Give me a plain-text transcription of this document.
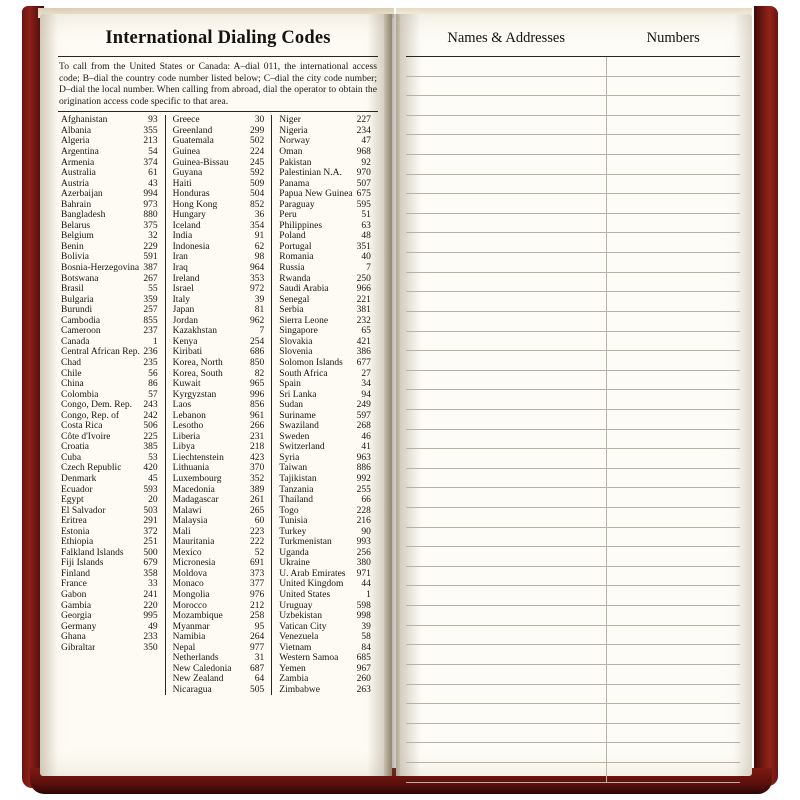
International Dialing Codes
To call from the United States or Canada: A–dial 011, the international access code; B–dial the country code number listed below; C–dial the city code number; D–dial the local number. When calling from abroad, dial the operator to obtain the origination access code specific to that area.
Afghanistan	93
Albania	355
Algeria	213
Argentina	54
Armenia	374
Australia	61
Austria	43
Azerbaijan	994
Bahrain	973
Bangladesh	880
Belarus	375
Belgium	32
Benin	229
Bolivia	591
Bosnia-Herzegovina 387
Botswana	267
Brasil	55
Bulgaria	359
Burundi	257
Cambodia	855
Cameroon	237
Canada	1
Central African Rep. 236
Chad	235
Chile	56
China	86
Colombia	57
Congo, Dem. Rep.	243
Congo, Rep. of	242
Costa Rica	506
Côte d'Ivoire	225
Croatia	385
Cuba	53
Czech Republic	420
Denmark	45
Ecuador	593
Egypt	20
El Salvador	503
Eritrea	291
Estonia	372
Ethiopia	251
Falkland Islands	500
Fiji Islands	679
Finland	358
France	33
Gabon	241
Gambia	220
Georgia	995
Germany	49
Ghana	233
Gibraltar	350
Greece	30
Greenland	299
Guatemala	502
Guinea	224
Guinea-Bissau	245
Guyana	592
Haiti	509
Honduras	504
Hong Kong	852
Hungary	36
Iceland	354
India	91
Indonesia	62
Iran	98
Iraq	964
Ireland	353
Israel	972
Italy	39
Japan	81
Jordan	962
Kazakhstan	7
Kenya	254
Kiribati	686
Korea, North	850
Korea, South	82
Kuwait	965
Kyrgyzstan	996
Laos	856
Lebanon	961
Lesotho	266
Liberia	231
Libya	218
Liechtenstein	423
Lithuania	370
Luxembourg	352
Macedonia	389
Madagascar	261
Malawi	265
Malaysia	60
Mali	223
Mauritania	222
Mexico	52
Micronesia	691
Moldova	373
Monaco	377
Mongolia	976
Morocco	212
Mozambique	258
Myanmar	95
Namibia	264
Nepal	977
Netherlands	31
New Caledonia	687
New Zealand	64
Nicaragua	505
Niger	227
Nigeria	234
Norway	47
Oman	968
Pakistan	92
Palestinian N.A.	970
Panama	507
Papua New Guinea 675
Paraguay	595
Peru	51
Philippines	63
Poland	48
Portugal	351
Romania	40
Russia	7
Rwanda	250
Saudi Arabia	966
Senegal	221
Serbia	381
Sierra Leone	232
Singapore	65
Slovakia	421
Slovenia	386
Solomon Islands	677
South Africa	27
Spain	34
Sri Lanka	94
Sudan	249
Suriname	597
Swaziland	268
Sweden	46
Switzerland	41
Syria	963
Taiwan	886
Tajikistan	992
Tanzania	255
Thailand	66
Togo	228
Tunisia	216
Turkey	90
Turkmenistan	993
Uganda	256
Ukraine	380
U. Arab Emirates	971
United Kingdom	44
United States	1
Uruguay	598
Uzbekistan	998
Vatican City	39
Venezuela	58
Vietnam	84
Western Samoa	685
Yemen	967
Zambia	260
Zimbabwe	263
Names & Addresses	Numbers
